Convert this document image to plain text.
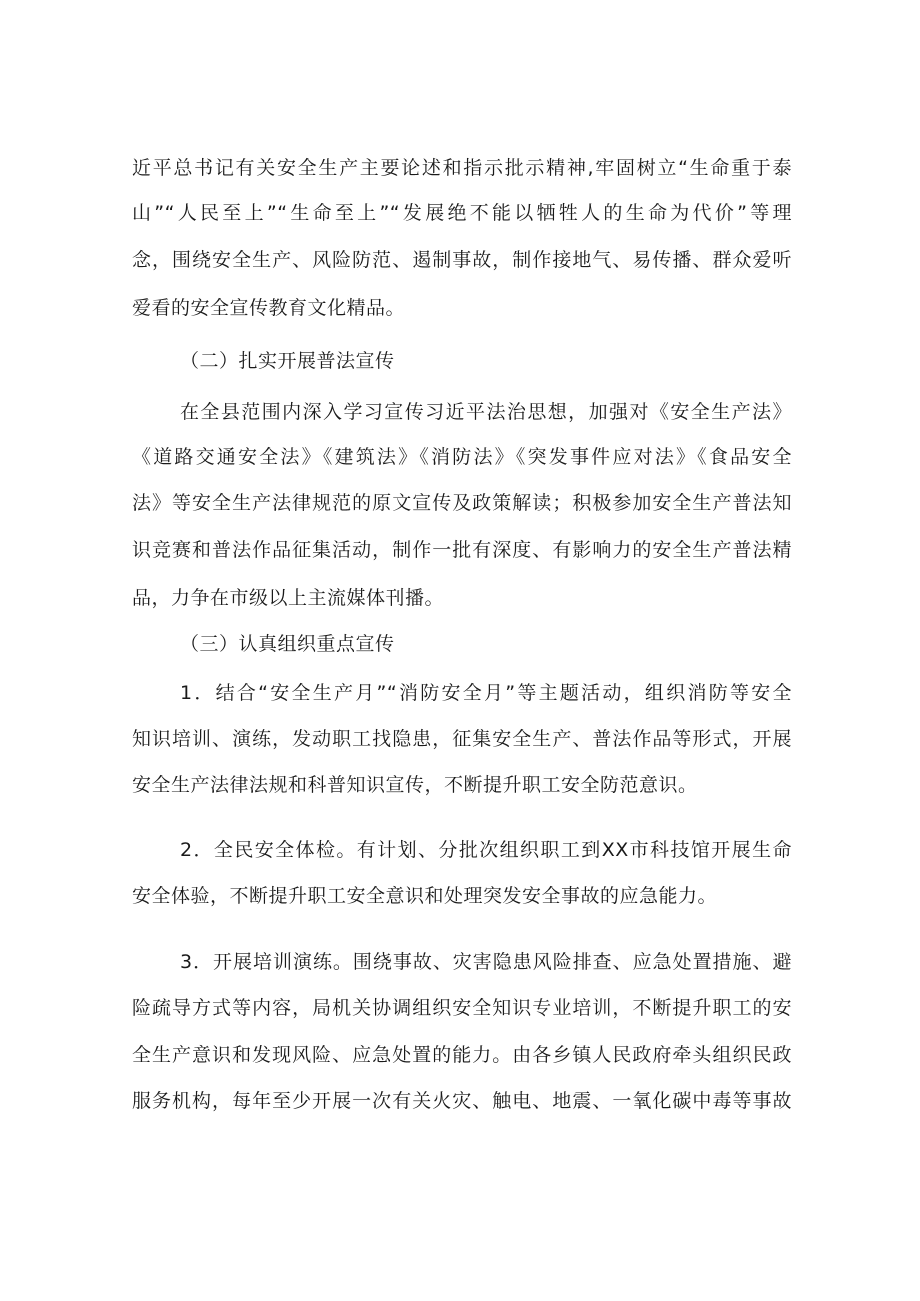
近平总书记有关安全生产主要论述和指示批示精神,牢固树立“生命重于泰
山”“人民至上”“生命至上”“发展绝不能以牺牲人的生命为代价”等理
念，围绕安全生产、风险防范、遏制事故，制作接地气、易传播、群众爱听
爱看的安全宣传教育文化精品。
（二）扎实开展普法宣传
在全县范围内深入学习宣传习近平法治思想，加强对《安全生产法》
《道路交通安全法》《建筑法》《消防法》《突发事件应对法》《食品安全
法》等安全生产法律规范的原文宣传及政策解读；积极参加安全生产普法知
识竞赛和普法作品征集活动，制作一批有深度、有影响力的安全生产普法精
品，力争在市级以上主流媒体刊播。
（三）认真组织重点宣传
1．结合“安全生产月”“消防安全月”等主题活动，组织消防等安全
知识培训、演练，发动职工找隐患，征集安全生产、普法作品等形式，开展
安全生产法律法规和科普知识宣传，不断提升职工安全防范意识。
2．全民安全体检。有计划、分批次组织职工到XX市科技馆开展生命
安全体验，不断提升职工安全意识和处理突发安全事故的应急能力。
3．开展培训演练。围绕事故、灾害隐患风险排查、应急处置措施、避
险疏导方式等内容，局机关协调组织安全知识专业培训，不断提升职工的安
全生产意识和发现风险、应急处置的能力。由各乡镇人民政府牵头组织民政
服务机构，每年至少开展一次有关火灾、触电、地震、一氧化碳中毒等事故
